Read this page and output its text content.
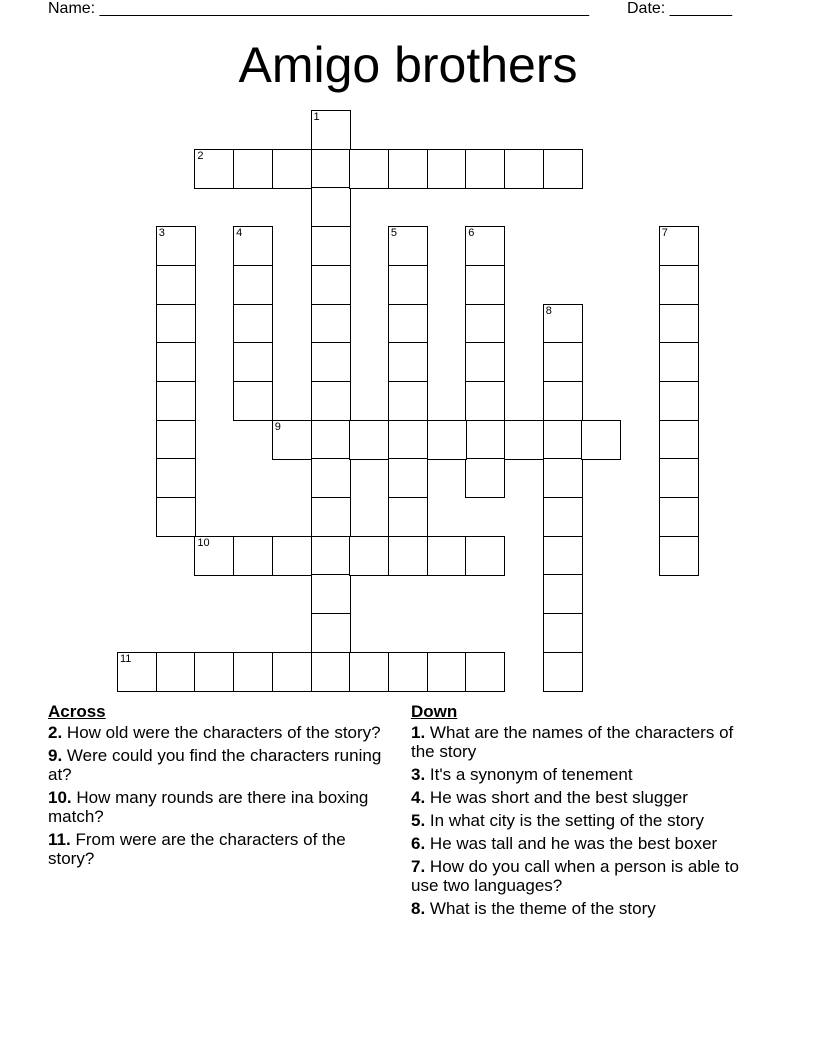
Name: _______________________________________________________ Date: _______
Amigo brothers
1
2
3	4	5	6	7
8
9
10
11
Across
2. How old were the characters of the story?
9. Were could you find the characters runing at?
10. How many rounds are there ina boxing match?
11. From were are the characters of the story?
Down
1. What are the names of the characters of the story
3. It's a synonym of tenement
4. He was short and the best slugger
5. In what city is the setting of the story
6. He was tall and he was the best boxer
7. How do you call when a person is able to use two languages?
8. What is the theme of the story
